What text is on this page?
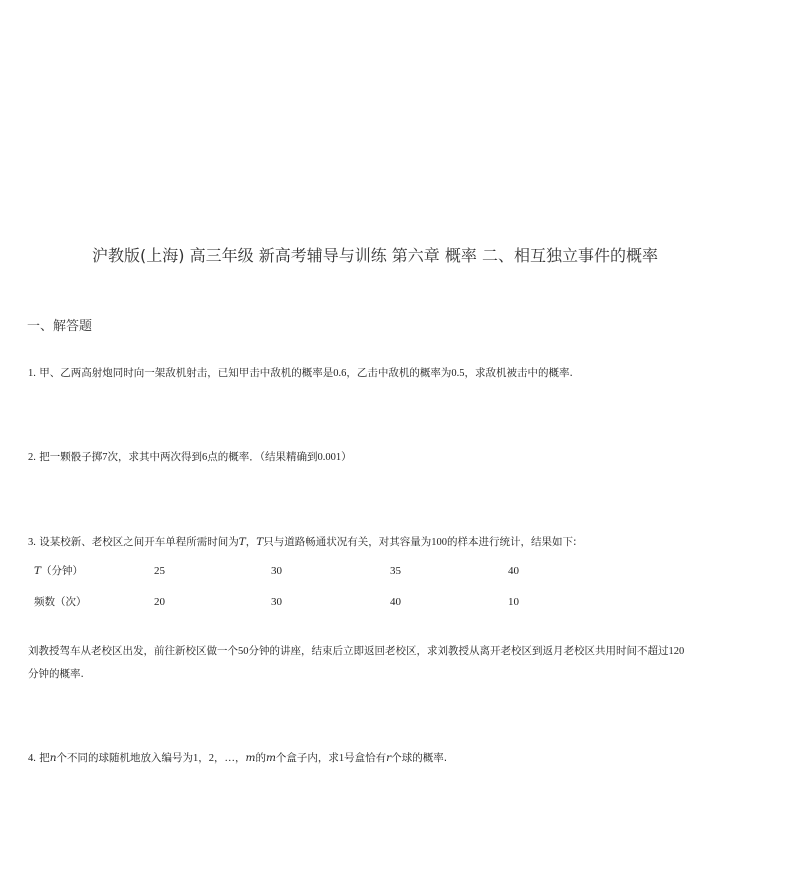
沪教版(上海) 高三年级 新高考辅导与训练 第六章 概率 二、相互独立事件的概率
一、解答题
1. 甲、乙两高射炮同时向一架敌机射击，已知甲击中敌机的概率是0.6，乙击中敌机的概率为0.5，求敌机被击中的概率.
2. 把一颗骰子掷7次，求其中两次得到6点的概率．（结果精确到0.001）
3. 设某校新、老校区之间开车单程所需时间为T，T只与道路畅通状况有关，对其容量为100的样本进行统计，结果如下:
T（分钟）	25	30	35	40
频数（次）	20	30	40	10
刘教授驾车从老校区出发，前往新校区做一个50分钟的讲座，结束后立即返回老校区，求刘教授从离开老校区到返月老校区共用时间不超过120
分钟的概率.
4. 把n个不同的球随机地放入编号为1，2，…，m的m个盒子内，求1号盒恰有r个球的概率.
